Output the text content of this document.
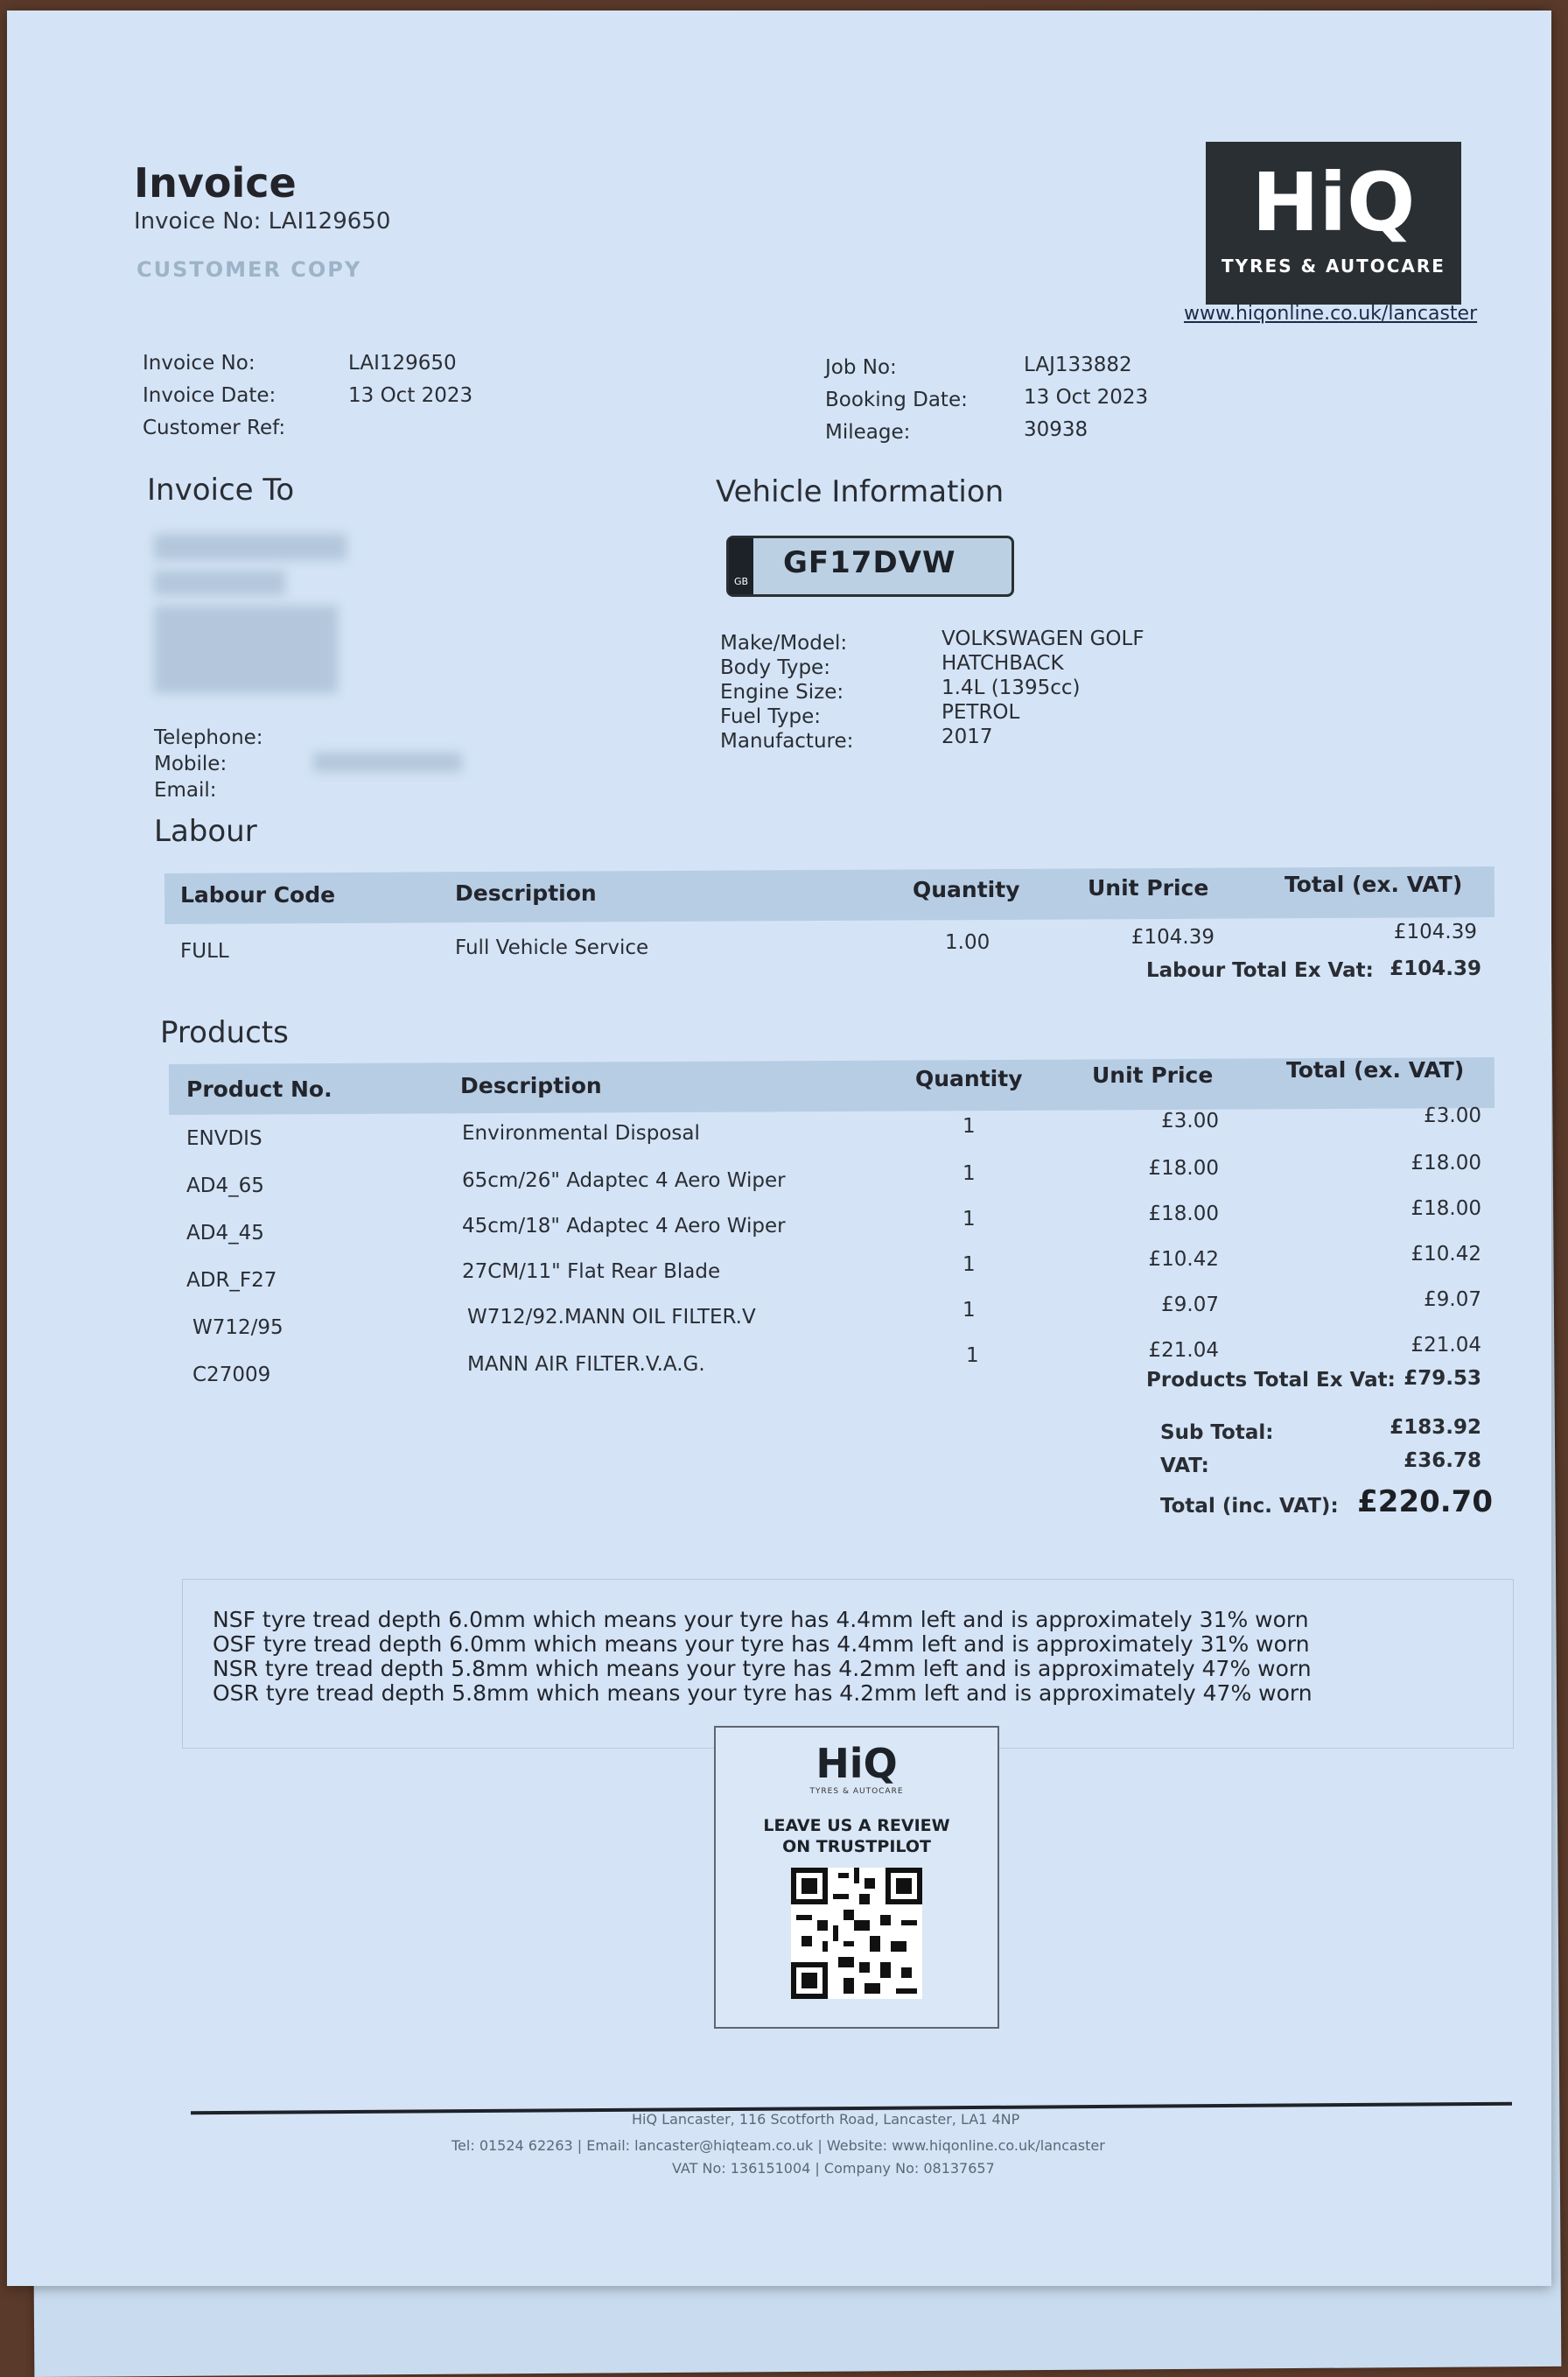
Invoice
Invoice No: LAI129650
CUSTOMER COPY
HiQ
TYRES & AUTOCARE
www.hiqonline.co.uk/lancaster
Invoice No:	LAI129650
Invoice Date:	13 Oct 2023
Customer Ref:
Job No:	LAJ133882
Booking Date:	13 Oct 2023
Mileage:	30938
Invoice To
Telephone:
Mobile:
Email:
Vehicle Information
GB
GF17DVW
Make/Model:	VOLKSWAGEN GOLF
Body Type:	HATCHBACK
Engine Size:	1.4L (1395cc)
Fuel Type:	PETROL
Manufacture:	2017
Labour
Labour Code	Description	Quantity	Unit Price	Total (ex. VAT)
FULL	Full Vehicle Service	1.00	£104.39	£104.39
Labour Total Ex Vat: £104.39
Products
Product No.	Description	Quantity	Unit Price	Total (ex. VAT)
ENVDIS	Environmental Disposal	1	£3.00	£3.00
AD4_65	65cm/26" Adaptec 4 Aero Wiper	1	£18.00	£18.00
AD4_45	45cm/18" Adaptec 4 Aero Wiper	1	£18.00	£18.00
ADR_F27	27CM/11" Flat Rear Blade	1	£10.42	£10.42
W712/95	W712/92.MANN OIL FILTER.V	1	£9.07	£9.07
C27009	MANN AIR FILTER.V.A.G.	1	£21.04	£21.04
Products Total Ex Vat: £79.53
Sub Total:	£183.92
VAT:	£36.78
Total (inc. VAT): £220.70
NSF tyre tread depth 6.0mm which means your tyre has 4.4mm left and is approximately 31% worn
OSF tyre tread depth 6.0mm which means your tyre has 4.4mm left and is approximately 31% worn
NSR tyre tread depth 5.8mm which means your tyre has 4.2mm left and is approximately 47% worn
OSR tyre tread depth 5.8mm which means your tyre has 4.2mm left and is approximately 47% worn
HiQ
TYRES & AUTOCARE
LEAVE US A REVIEW
ON TRUSTPILOT
HiQ Lancaster, 116 Scotforth Road, Lancaster, LA1 4NP
Tel: 01524 62263 | Email: lancaster@hiqteam.co.uk | Website: www.hiqonline.co.uk/lancaster
VAT No: 136151004 | Company No: 08137657
